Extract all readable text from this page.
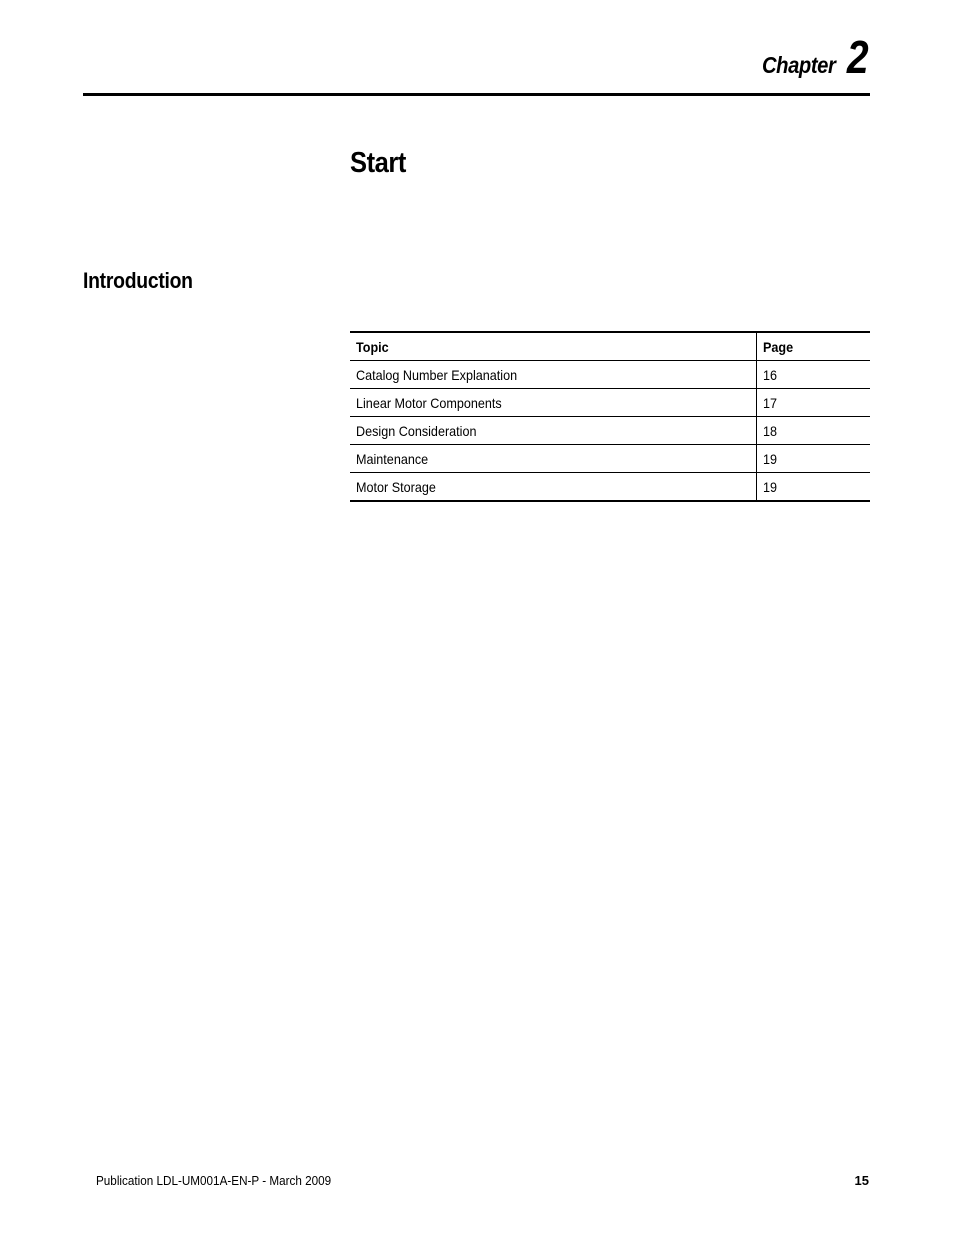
Chapter 2
Start
Introduction
Topic	Page
Catalog Number Explanation	16
Linear Motor Components	17
Design Consideration	18
Maintenance	19
Motor Storage	19
Publication LDL-UM001A-EN-P - March 2009	15
